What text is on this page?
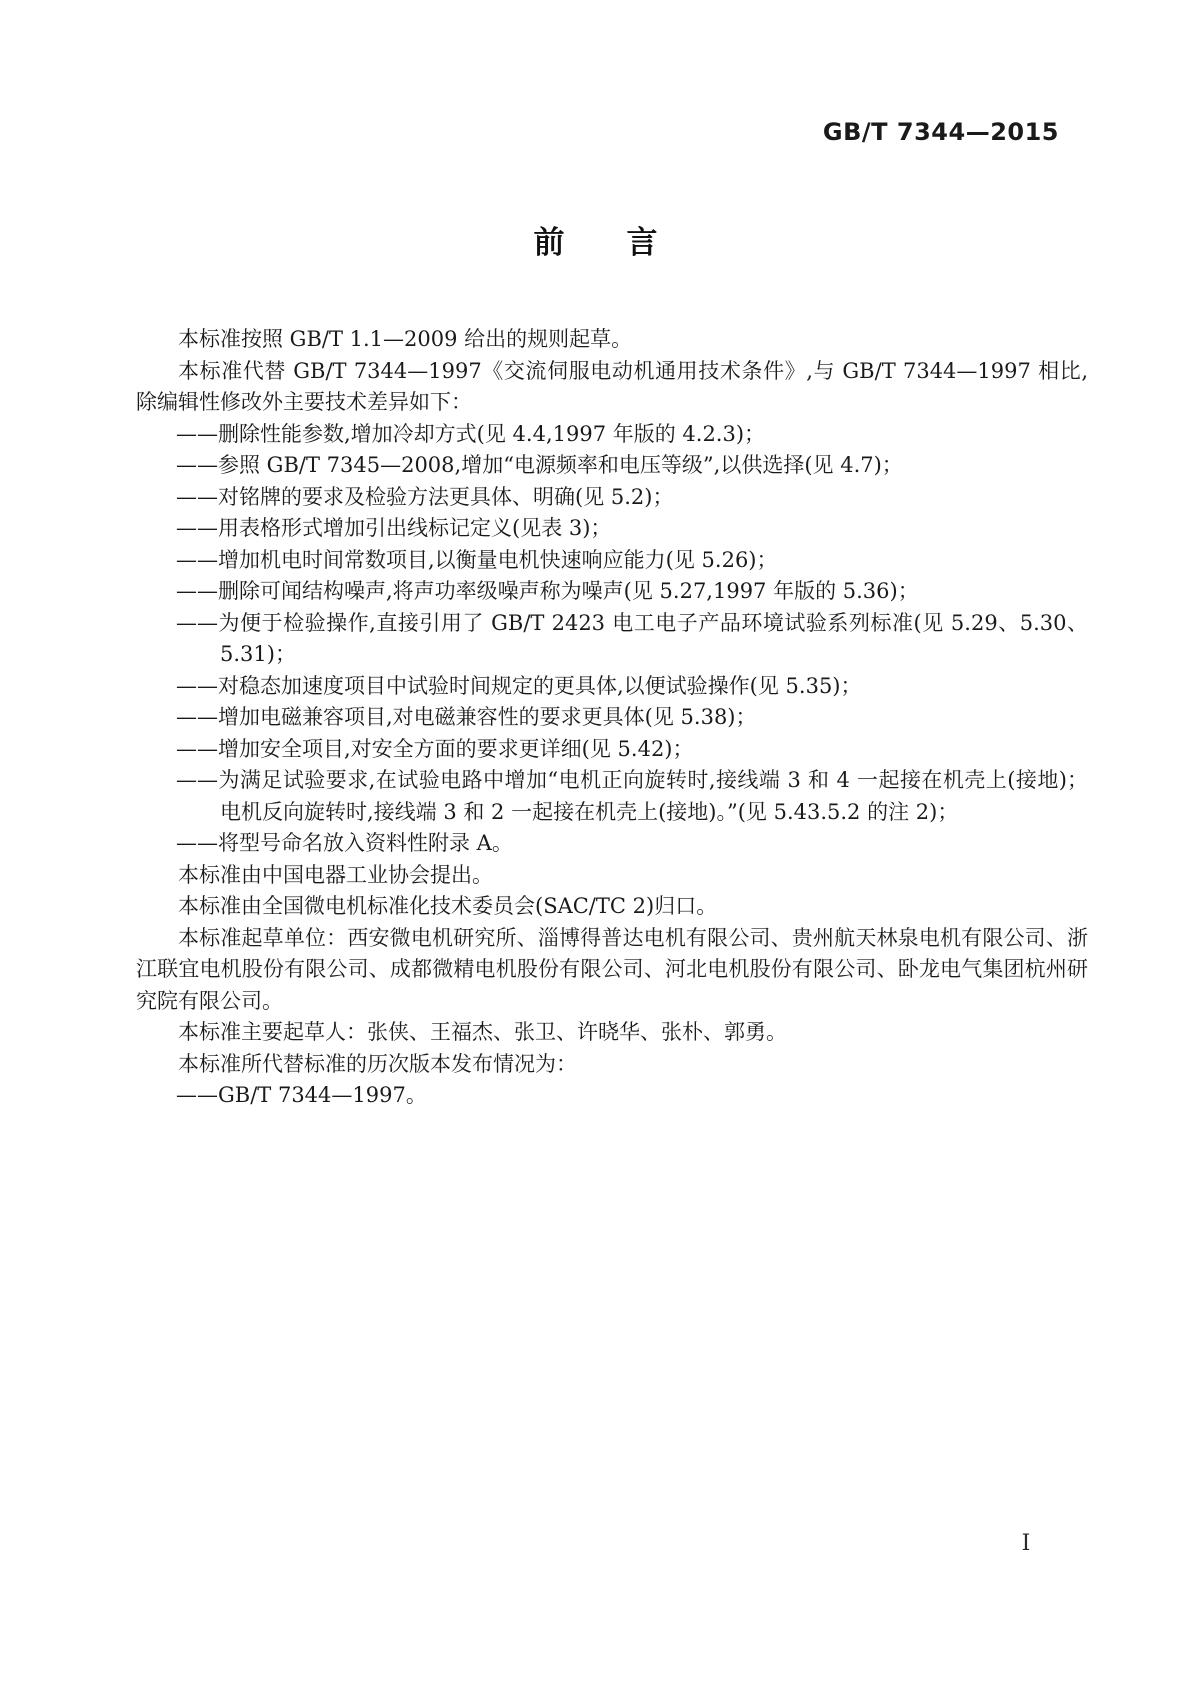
GB/T 7344—2015
前　　言

本标准按照 GB/T 1.1—2009 给出的规则起草。

本标准代替 GB/T 7344—1997《交流伺服电动机通用技术条件》,与 GB/T 7344—1997 相比,除编辑性修改外主要技术差异如下：

——删除性能参数,增加冷却方式(见 4.4,1997 年版的 4.2.3)；

——参照 GB/T 7345—2008,增加“电源频率和电压等级”,以供选择(见 4.7)；

——对铭牌的要求及检验方法更具体、明确(见 5.2)；

——用表格形式增加引出线标记定义(见表 3)；

——增加机电时间常数项目,以衡量电机快速响应能力(见 5.26)；

——删除可闻结构噪声,将声功率级噪声称为噪声(见 5.27,1997 年版的 5.36)；

——为便于检验操作,直接引用了 GB/T 2423 电工电子产品环境试验系列标准(见 5.29、5.30、5.31)；

——对稳态加速度项目中试验时间规定的更具体,以便试验操作(见 5.35)；

——增加电磁兼容项目,对电磁兼容性的要求更具体(见 5.38)；

——增加安全项目,对安全方面的要求更详细(见 5.42)；

——为满足试验要求,在试验电路中增加“电机正向旋转时,接线端 3 和 4 一起接在机壳上(接地)；电机反向旋转时,接线端 3 和 2 一起接在机壳上(接地)。”(见 5.43.5.2 的注 2)；

——将型号命名放入资料性附录 A。

本标准由中国电器工业协会提出。

本标准由全国微电机标准化技术委员会(SAC/TC 2)归口。

本标准起草单位：西安微电机研究所、淄博得普达电机有限公司、贵州航天林泉电机有限公司、浙江联宜电机股份有限公司、成都微精电机股份有限公司、河北电机股份有限公司、卧龙电气集团杭州研究院有限公司。

本标准主要起草人：张侠、王福杰、张卫、许晓华、张朴、郭勇。

本标准所代替标准的历次版本发布情况为：

——GB/T 7344—1997。

I
